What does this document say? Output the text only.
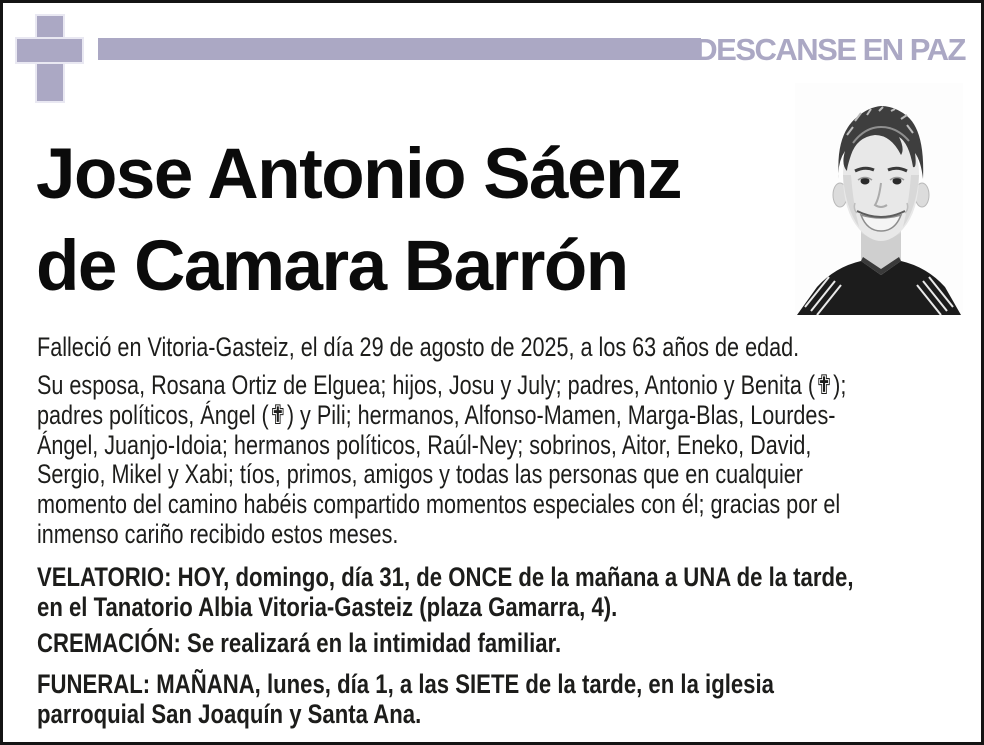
DESCANSE EN PAZ
Jose Antonio Sáenz
de Camara Barrón

Falleció en Vitoria-Gasteiz, el día 29 de agosto de 2025, a los 63 años de edad.

Su esposa, Rosana Ortiz de Elguea; hijos, Josu y July; padres, Antonio y Benita (✟);
padres políticos, Ángel (✟) y Pili; hermanos, Alfonso-Mamen, Marga-Blas, Lourdes-
Ángel, Juanjo-Idoia; hermanos políticos, Raúl-Ney; sobrinos, Aitor, Eneko, David,
Sergio, Mikel y Xabi; tíos, primos, amigos y todas las personas que en cualquier
momento del camino habéis compartido momentos especiales con él; gracias por el
inmenso cariño recibido estos meses.

VELATORIO: HOY, domingo, día 31, de ONCE de la mañana a UNA de la tarde,
en el Tanatorio Albia Vitoria-Gasteiz (plaza Gamarra, 4).

CREMACIÓN: Se realizará en la intimidad familiar.

FUNERAL: MAÑANA, lunes, día 1, a las SIETE de la tarde, en la iglesia
parroquial San Joaquín y Santa Ana.
